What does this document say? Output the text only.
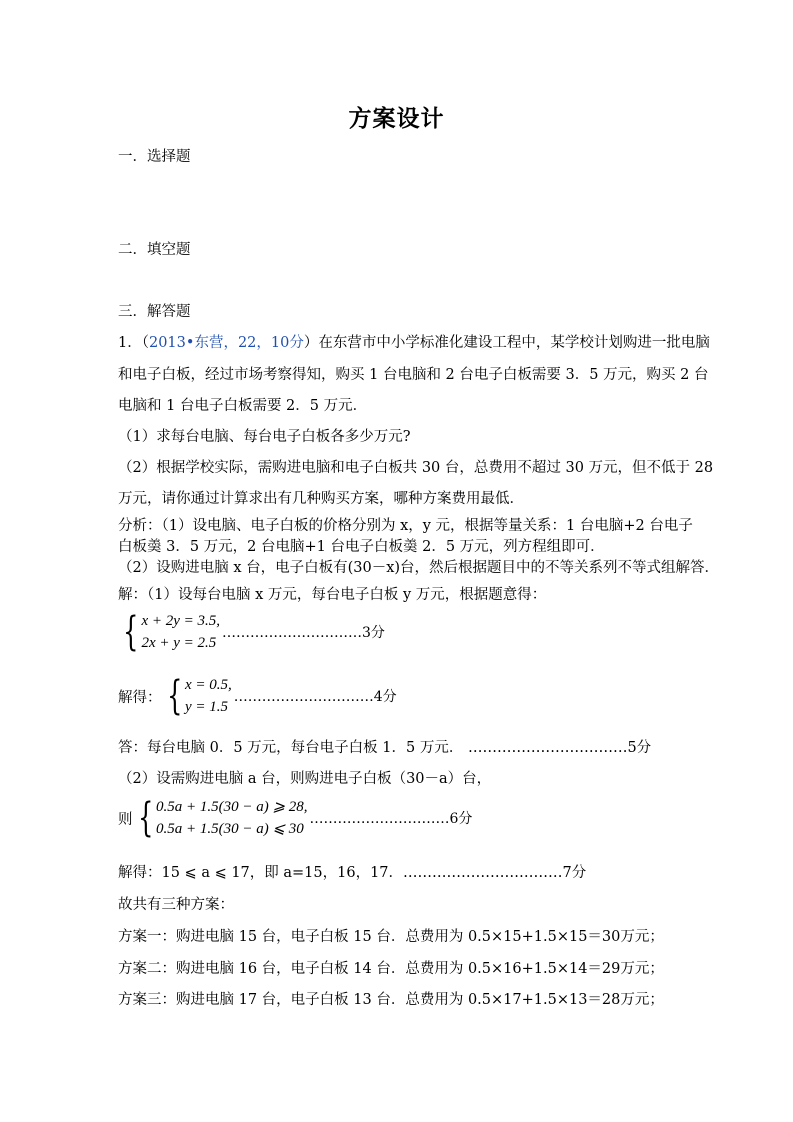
方案设计
一．选择题
二．填空题
三．解答题
1．（2013•东营，22，10分）在东营市中小学标准化建设工程中，某学校计划购进一批电脑
和电子白板，经过市场考察得知，购买 1 台电脑和 2 台电子白板需要 3．5 万元，购买 2 台
电脑和 1 台电子白板需要 2．5 万元．
（1）求每台电脑、每台电子白板各多少万元?
（2）根据学校实际，需购进电脑和电子白板共 30 台，总费用不超过 30 万元，但不低于 28
万元，请你通过计算求出有几种购买方案，哪种方案费用最低．
分析：（1）设电脑、电子白板的价格分别为 x，y 元，根据等量关系：1 台电脑+2 台电子
白板羮 3．5 万元，2 台电脑+1 台电子白板羮 2．5 万元，列方程组即可．
（2）设购进电脑 x 台，电子白板有(30－x)台，然后根据题目中的不等关系列不等式组解答．
解：（1）设每台电脑 x 万元，每台电子白板 y 万元，根据题意得：
{ x + 2y = 3.5,
2x + y = 2.5
…………………………3分
解得： { x = 0.5,
y = 1.5
…………………………4分
答：每台电脑 0．5 万元，每台电子白板 1．5 万元． ……………………………5分
（2）设需购进电脑 a 台，则购进电子白板（30－a）台，
则 { 0.5a + 1.5(30 − a) ⩾ 28,
0.5a + 1.5(30 − a) ⩽ 30
…………………………6分
解得：15 ⩽ a ⩽ 17，即 a=15，16，17．……………………………7分
故共有三种方案：
方案一：购进电脑 15 台，电子白板 15 台．总费用为 0.5×15+1.5×15＝30万元；
方案二：购进电脑 16 台，电子白板 14 台．总费用为 0.5×16+1.5×14＝29万元；
方案三：购进电脑 17 台，电子白板 13 台．总费用为 0.5×17+1.5×13＝28万元；
